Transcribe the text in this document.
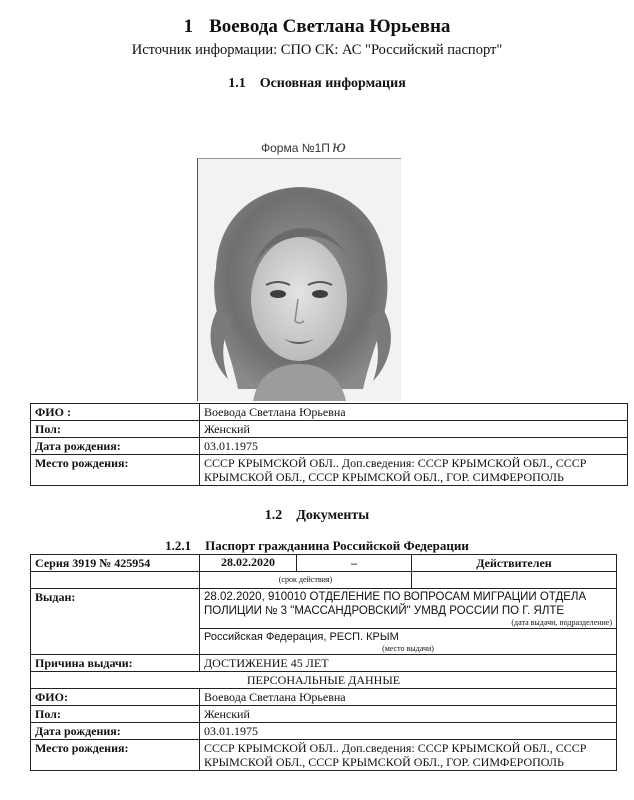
1 Воевода Светлана Юрьевна
Источник информации: СПО СК: АС "Российский паспорт"
1.1 Основная информация
Форма №1П ю
ФИО :	Воевода Светлана Юрьевна
Пол:	Женский
Дата рождения:	03.01.1975
Место рождения:	СССР КРЫМСКОЙ ОБЛ.. Доп.сведения: СССР КРЫМСКОЙ ОБЛ., СССР КРЫМСКОЙ ОБЛ., СССР КРЫМСКОЙ ОБЛ., ГОР. СИМФЕРОПОЛЬ
1.2 Документы
1.2.1 Паспорт гражданина Российской Федерации
Серия 3919 № 425954	28.02.2020	–	Действителен
	(срок действия)		
Выдан:	28.02.2020, 910010 ОТДЕЛЕНИЕ ПО ВОПРОСАМ МИГРАЦИИ ОТДЕЛА ПОЛИЦИИ № 3 "МАССАНДРОВСКИЙ" УМВД РОССИИ ПО Г. ЯЛТЕ
(дата выдачи, подразделение)		

	Российская Федерация, РЕСП. КРЫМ
(место выдачи)		

Причина выдачи:	ДОСТИЖЕНИЕ 45 ЛЕТ		
ПЕРСОНАЛЬНЫЕ ДАННЫЕ			
ФИО:	Воевода Светлана Юрьевна		
Пол:	Женский		
Дата рождения:	03.01.1975		
Место рождения:	СССР КРЫМСКОЙ ОБЛ.. Доп.сведения: СССР КРЫМСКОЙ ОБЛ., СССР КРЫМСКОЙ ОБЛ., СССР КРЫМСКОЙ ОБЛ., ГОР. СИМФЕРОПОЛЬ		
